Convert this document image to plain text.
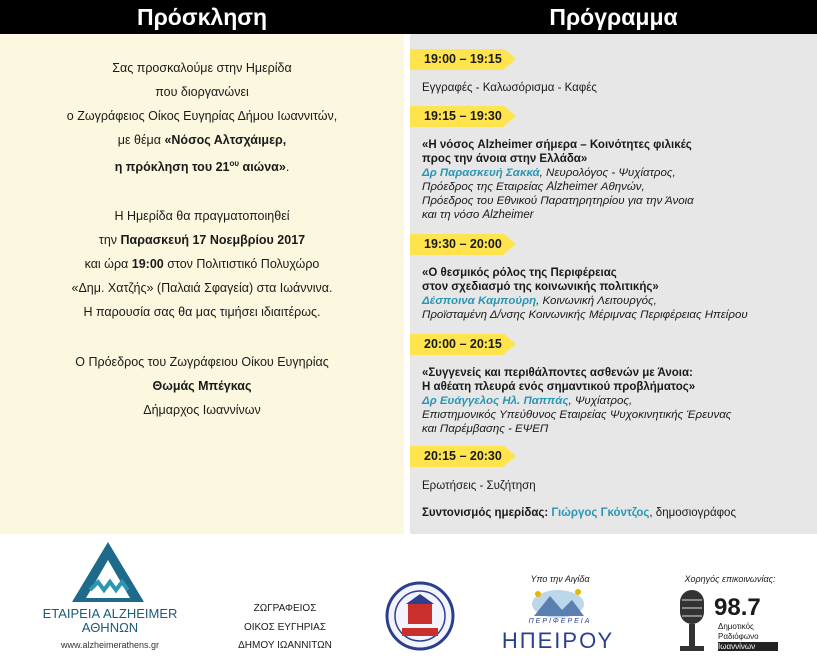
Πρόσκληση	Πρόγραμμα
Σας προσκαλούμε στην Ημερίδα
που διοργανώνει
ο Ζωγράφειος Οίκος Ευγηρίας Δήμου Ιωαννιτών,
με θέμα «Νόσος Αλτσχάιμερ,
η πρόκληση του $21^{o\upsilon}$ αιώνα».
Η Ημερίδα θα πραγματοποιηθεί
την Παρασκευή 17 Νοεμβρίου 2017
και ώρα 19:00 στον Πολιτιστικό Πολυχώρο
«Δημ. Χατζής» (Παλαιά Σφαγεία) στα Ιωάννινα.
Η παρουσία σας θα μας τιμήσει ιδιαιτέρως.
Ο Πρόεδρος του Ζωγράφειου Οίκου Ευγηρίας
Θωμάς Μπέγκας
Δήμαρχος Ιωαννίνων
19:00 – 19:15
Εγγραφές - Καλωσόρισμα - Καφές
19:15 – 19:30
«Η νόσος Alzheimer σήμερα – Κοινότητες φιλικές
προς την άνοια στην Ελλάδα»
Δρ Παρασκευή Σακκά, Νευρολόγος - Ψυχίατρος,
Πρόεδρος της Εταιρείας Alzheimer Αθηνών,
Πρόεδρος του Εθνικού Παρατηρητηρίου για την Άνοια
και τη νόσο Alzheimer
19:30 – 20:00
«Ο θεσμικός ρόλος της Περιφέρειας
στον σχεδιασμό της κοινωνικής πολιτικής»
Δέσποινα Καμπούρη, Κοινωνική Λειτουργός,
Προϊσταμένη Δ/νσης Κοινωνικής Μέριμνας Περιφέρειας Ηπείρου
20:00 – 20:15
«Συγγενείς και περιθάλποντες ασθενών με Άνοια:
Η αθέατη πλευρά ενός σημαντικού προβλήματος»
Δρ Ευάγγελος Ηλ. Παππάς, Ψυχίατρος,
Επιστημονικός Υπεύθυνος Εταιρείας Ψυχοκινητικής Έρευνας
και Παρέμβασης - ΕΨΕΠ
20:15 – 20:30
Ερωτήσεις - Συζήτηση
Συντονισμός ημερίδας: Γιώργος Γκόντζος, δημοσιογράφος
ΕΤΑΙΡΕΙΑ ALZHEIMER
ΑΘΗΝΩΝ
www.alzheimerathens.gr
ΖΩΓΡΑΦΕΙΟΣ
ΟΙΚΟΣ ΕΥΓΗΡΙΑΣ
ΔΗΜΟΥ ΙΩΑΝΝΙΤΩΝ
Υπο την Αιγίδα
ΠΕΡΙΦΕΡΕΙΑ
ΗΠΕΙΡΟΥ
Χορηγός επικοινωνίας:
98.7
Δημοτικός
Ραδιόφωνο
Ιωαννίνων
